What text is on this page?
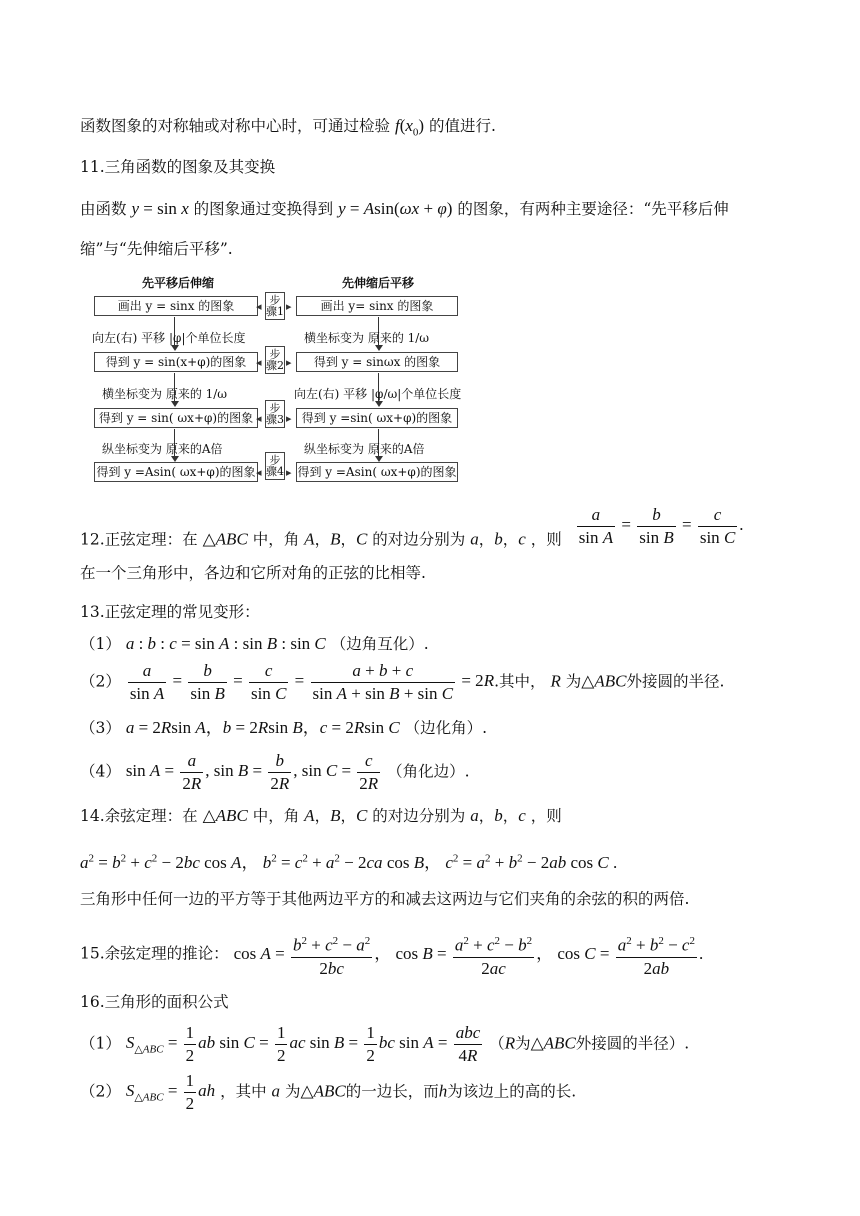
函数图象的对称轴或对称中心时，可通过检验 $f(x_0)$ 的值进行.
11.三角函数的图象及其变换
由函数 y = sin x 的图象通过变换得到 y = Asin(ωx + φ) 的图象，有两种主要途径：“先平移后伸
缩”与“先伸缩后平移”.
先平移后伸缩	先伸缩后平移
画出 y = sinx 的图象
得到 y = sin(x+φ)的图象
得到 y = sin( ωx+φ)的图象
得到 y =Asin( ωx+φ)的图象
画出 y= sinx 的图象
得到 y = sinωx 的图象
得到 y =sin( ωx+φ)的图象
得到 y =Asin( ωx+φ)的图象
向左(右) 平移 |φ|个单位长度
横坐标变为 原来的 1/ω
纵坐标变为 原来的A倍
横坐标变为 原来的 1/ω
向左(右) 平移 |φ/ω|个单位长度
纵坐标变为 原来的A倍
步骤1
步骤2
步骤3
步骤4
◂ ▸
◂ ▸
◂ ▸
◂ ▸
12.正弦定理：在 △ABC 中，角 A，B，C 的对边分别为 a，b，c ，则 $\frac{a}{\text{sin A}} = \frac{b}{\text{sin B}} = \frac{c}{\text{sin C}}$ .
在一个三角形中，各边和它所对角的正弦的比相等.
13.正弦定理的常见变形：
（1） a : b : c = sin A : sin B : sin C （边角互化）.
$(2) \frac{a}{\text{sin A}} = \frac{b}{\text{sin B}} = \frac{c}{\text{sin C}} = \frac{a + b + c}{\text{sin A + sin B + sin C}} = 2R$.其中， R 为△ABC外接圆的半径.
（3） a = 2Rsin A，b = 2Rsin B，c = 2Rsin C （边化角）.
（4） $\sin A = \frac{a}{2R}$ , $\sin B = \frac{b}{2R}$ , $\sin C = \frac{c}{2R}$ （角化边）.
14.余弦定理：在 △ABC 中，角 A，B，C 的对边分别为 a，b，c ，则
$a^2 = b^2 + c^2 - 2bc$ cos A， $b^2 = c^2 + a^2 - 2ca$ cos B， $c^2 = a^2 + b^2 - 2ab$ cos C .
三角形中任何一边的平方等于其他两边平方的和减去这两边与它们夹角的余弦的积的两倍.
15.余弦定理的推论： $\cos A = \frac{b^2 + c^2 - a^2}{2bc}$ ， $\cos B = \frac{a^2 + c^2 - b^2}{2ac}$ ， $\cos C = \frac{a^2 + b^2 - c^2}{2ab}$ .
16.三角形的面积公式
（1） $S_{\triangle ABC} = \frac{1}{2}$ ab $\sin C = \frac{1}{2}$ ac $\sin B = \frac{1}{2}$ bc $\sin A = \frac{\text{abc}}{4R} (R$为△ABC外接圆的半径）.
（2） $S_{\triangle ABC} = \frac{1}{2}$ ah ，其中 a 为△ABC的一边长，而h为该边上的高的长.
